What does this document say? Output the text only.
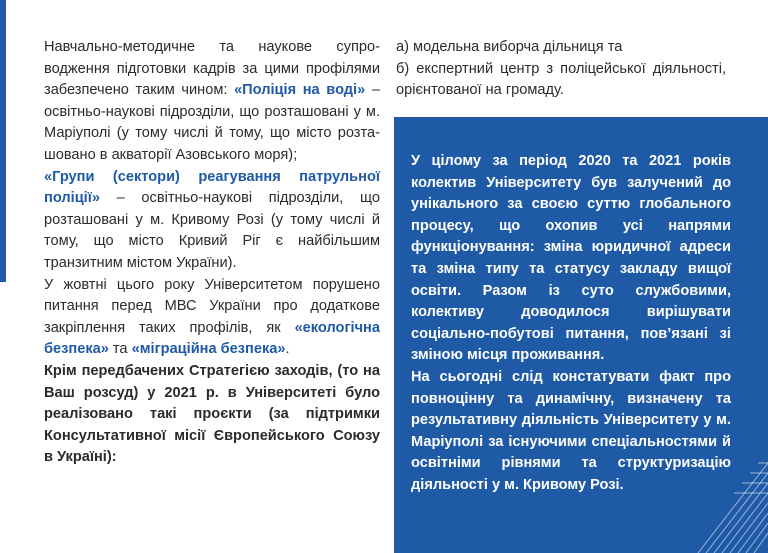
Навчально-методичне та наукове супроводження підготовки кадрів за цими профілями забезпечено таким чином: «Поліція на воді» – освітньо-наукові підрозділи, що розташовані у м. Маріуполі (у тому числі й тому, що місто розташовано в акваторії Азовського моря);

«Групи (сектори) реагування патрульної поліції» – освітньо-наукові підрозділи, що розташовані у м. Кривому Розі (у тому числі й тому, що місто Кривий Ріг є найбільшим транзитним містом України).

У жовтні цього року Університетом порушено питання перед МВС України про додаткове закріплення таких профілів, як «екологічна безпека» та «міграційна безпека».

Крім передбачених Стратегією заходів, (то на Ваш розсуд) у 2021 р. в Університеті було реалізовано такі проєкти (за підтримки Консультативної місії Європейського Союзу в Україні):

а) модельна виборча дільниця та

б) експертний центр з поліцейської діяльності, орієнтованої на громаду.

У цілому за період 2020 та 2021 років колектив Університету був залучений до унікального за своєю суттю глобального процесу, що охопив усі напрями функціонування: зміна юридичної адреси та зміна типу та статусу закладу вищої освіти. Разом із суто службовими, колективу доводилося вирішувати соціально-побутові питання, пов’язані зі зміною місця проживання.

На сьогодні слід констатувати факт про повноцінну та динамічну, визначену та результативну діяльність Університету у м. Маріуполі за існуючими спеціальностями й освітніми рівнями та структуризацію діяльності у м. Кривому Розі.
